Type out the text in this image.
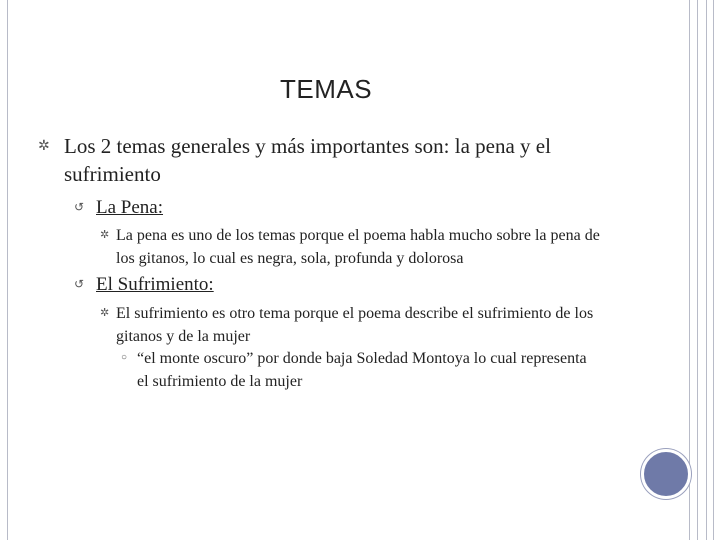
TEMAS
✲ Los 2 temas generales y más importantes son: la pena y el sufrimiento
↺ La Pena:
✲ La pena es uno de los temas porque el poema habla mucho sobre la pena de los gitanos, lo cual es negra, sola, profunda y dolorosa
↺ El Sufrimiento:
✲ El sufrimiento es otro tema porque el poema describe el sufrimiento de los gitanos y de la mujer
○ “el monte oscuro” por donde baja Soledad Montoya lo cual representa el sufrimiento de la mujer
